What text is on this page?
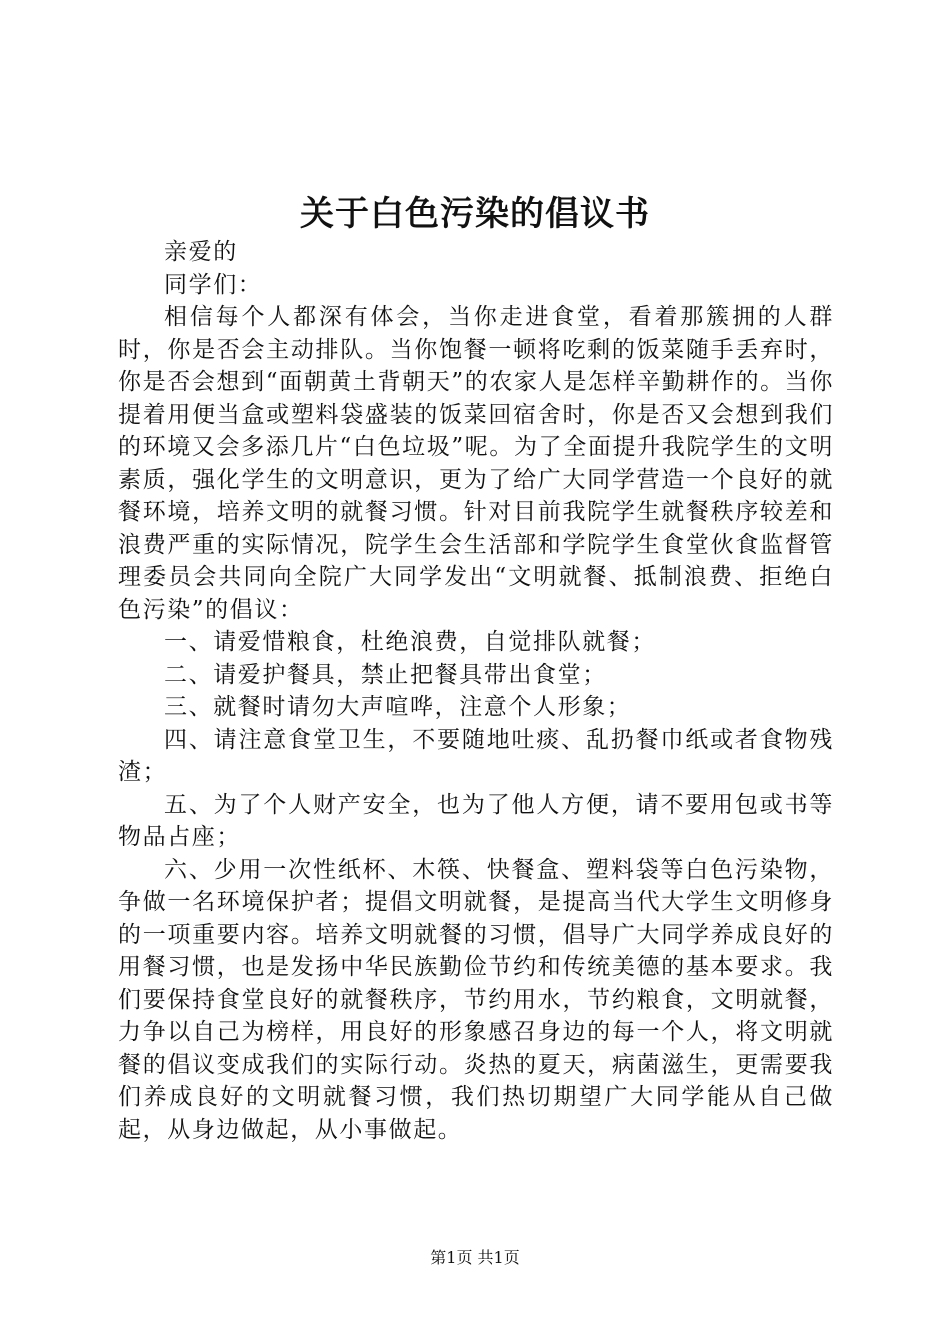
关于白色污染的倡议书

亲爱的

同学们：

相信每个人都深有体会，当你走进食堂，看着那簇拥的人群时，你是否会主动排队。当你饱餐一顿将吃剩的饭菜随手丢弃时，你是否会想到“面朝黄土背朝天”的农家人是怎样辛勤耕作的。当你提着用便当盒或塑料袋盛装的饭菜回宿舍时，你是否又会想到我们的环境又会多添几片“白色垃圾”呢。为了全面提升我院学生的文明素质，强化学生的文明意识，更为了给广大同学营造一个良好的就餐环境，培养文明的就餐习惯。针对目前我院学生就餐秩序较差和浪费严重的实际情况，院学生会生活部和学院学生食堂伙食监督管理委员会共同向全院广大同学发出“文明就餐、抵制浪费、拒绝白色污染”的倡议：

一、请爱惜粮食，杜绝浪费，自觉排队就餐；

二、请爱护餐具，禁止把餐具带出食堂；

三、就餐时请勿大声喧哗，注意个人形象；

四、请注意食堂卫生，不要随地吐痰、乱扔餐巾纸或者食物残渣；

五、为了个人财产安全，也为了他人方便，请不要用包或书等物品占座；

六、少用一次性纸杯、木筷、快餐盒、塑料袋等白色污染物，争做一名环境保护者；提倡文明就餐，是提高当代大学生文明修身的一项重要内容。培养文明就餐的习惯，倡导广大同学养成良好的用餐习惯，也是发扬中华民族勤俭节约和传统美德的基本要求。我们要保持食堂良好的就餐秩序，节约用水，节约粮食，文明就餐，力争以自己为榜样，用良好的形象感召身边的每一个人，将文明就餐的倡议变成我们的实际行动。炎热的夏天，病菌滋生，更需要我们养成良好的文明就餐习惯，我们热切期望广大同学能从自己做起，从身边做起，从小事做起。

第1页 共1页
